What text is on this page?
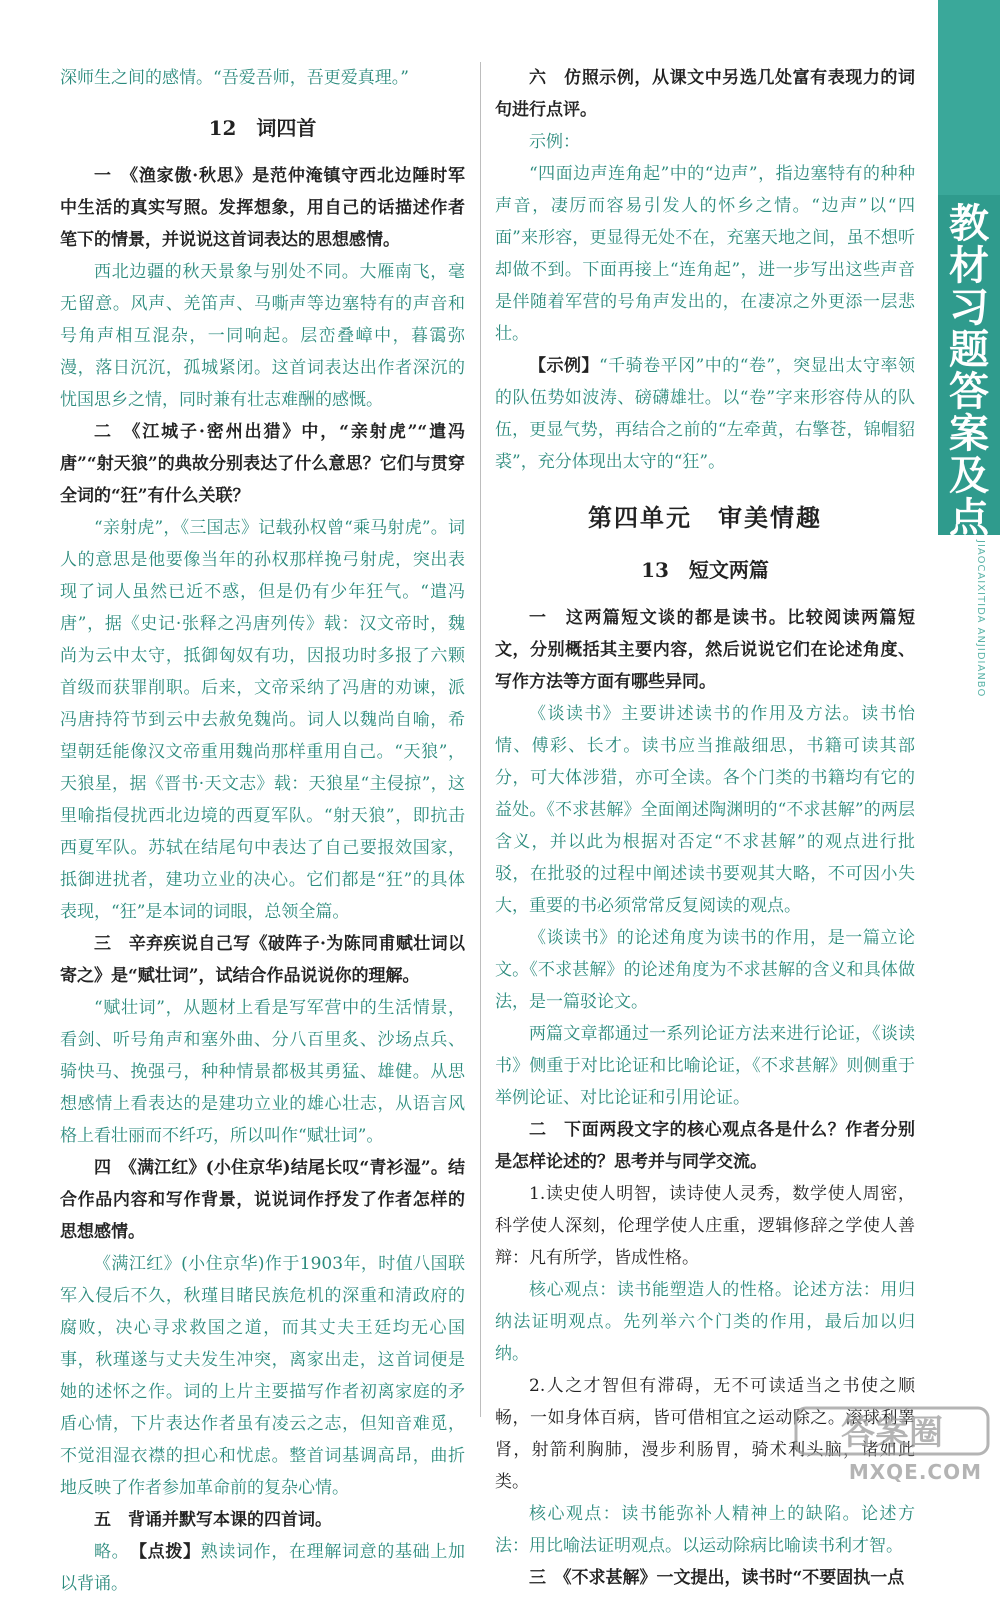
教材习题答案及点拨
JIAOCAIXITIDA ANJIDIANBO

深师生之间的感情。“吾爱吾师，吾更爱真理。”

12　词四首

一　《渔家傲·秋思》是范仲淹镇守西北边陲时军中生活的真实写照。发挥想象，用自己的话描述作者笔下的情景，并说说这首词表达的思想感情。

西北边疆的秋天景象与别处不同。大雁南飞，毫无留意。风声、羌笛声、马嘶声等边塞特有的声音和号角声相互混杂，一同响起。层峦叠嶂中，暮霭弥漫，落日沉沉，孤城紧闭。这首词表达出作者深沉的忧国思乡之情，同时兼有壮志难酬的感慨。

二　《江城子·密州出猎》中，“亲射虎”“遣冯唐”“射天狼”的典故分别表达了什么意思？它们与贯穿全词的“狂”有什么关联？

“亲射虎”，《三国志》记载孙权曾“乘马射虎”。词人的意思是他要像当年的孙权那样挽弓射虎，突出表现了词人虽然已近不惑，但是仍有少年狂气。“遣冯唐”，据《史记·张释之冯唐列传》载：汉文帝时，魏尚为云中太守，抵御匈奴有功，因报功时多报了六颗首级而获罪削职。后来，文帝采纳了冯唐的劝谏，派冯唐持符节到云中去赦免魏尚。词人以魏尚自喻，希望朝廷能像汉文帝重用魏尚那样重用自己。“天狼”，天狼星，据《晋书·天文志》载：天狼星“主侵掠”，这里喻指侵扰西北边境的西夏军队。“射天狼”，即抗击西夏军队。苏轼在结尾句中表达了自己要报效国家，抵御进扰者，建功立业的决心。它们都是“狂”的具体表现，“狂”是本词的词眼，总领全篇。

三　辛弃疾说自己写《破阵子·为陈同甫赋壮词以寄之》是“赋壮词”，试结合作品说说你的理解。

“赋壮词”，从题材上看是写军营中的生活情景，看剑、听号角声和塞外曲、分八百里炙、沙场点兵、骑快马、挽强弓，种种情景都极其勇猛、雄健。从思想感情上看表达的是建功立业的雄心壮志，从语言风格上看壮丽而不纤巧，所以叫作“赋壮词”。

四　《满江红》(小住京华)结尾长叹“青衫湿”。结合作品内容和写作背景，说说词作抒发了作者怎样的思想感情。

《满江红》(小住京华)作于1903年，时值八国联军入侵后不久，秋瑾目睹民族危机的深重和清政府的腐败，决心寻求救国之道，而其丈夫王廷均无心国事，秋瑾遂与丈夫发生冲突，离家出走，这首词便是她的述怀之作。词的上片主要描写作者初离家庭的矛盾心情，下片表达作者虽有凌云之志，但知音难觅，不觉泪湿衣襟的担心和忧虑。整首词基调高昂，曲折地反映了作者参加革命前的复杂心情。

五　背诵并默写本课的四首词。

略。　 【点拨】熟读词作，在理解词意的基础上加以背诵。

六　仿照示例，从课文中另选几处富有表现力的词句进行点评。

示例：

“四面边声连角起”中的“边声”，指边塞特有的种种声音，凄厉而容易引发人的怀乡之情。“边声”以“四面”来形容，更显得无处不在，充塞天地之间，虽不想听却做不到。下面再接上“连角起”，进一步写出这些声音是伴随着军营的号角声发出的，在凄凉之外更添一层悲壮。

【示例】“千骑卷平冈”中的“卷”，突显出太守率领的队伍势如波涛、磅礴雄壮。以“卷”字来形容侍从的队伍，更显气势，再结合之前的“左牵黄，右擎苍，锦帽貂裘”，充分体现出太守的“狂”。

第四单元　审美情趣
13　短文两篇

一　这两篇短文谈的都是读书。比较阅读两篇短文，分别概括其主要内容，然后说说它们在论述角度、写作方法等方面有哪些异同。

《谈读书》主要讲述读书的作用及方法。读书怡情、傅彩、长才。读书应当推敲细思，书籍可读其部分，可大体涉猎，亦可全读。各个门类的书籍均有它的益处。《不求甚解》全面阐述陶渊明的“不求甚解”的两层含义，并以此为根据对否定“不求甚解”的观点进行批驳，在批驳的过程中阐述读书要观其大略，不可因小失大，重要的书必须常常反复阅读的观点。

《谈读书》的论述角度为读书的作用，是一篇立论文。《不求甚解》的论述角度为不求甚解的含义和具体做法，是一篇驳论文。

两篇文章都通过一系列论证方法来进行论证，《谈读书》侧重于对比论证和比喻论证，《不求甚解》则侧重于举例论证、对比论证和引用论证。

二　下面两段文字的核心观点各是什么？作者分别是怎样论述的？思考并与同学交流。

1.读史使人明智，读诗使人灵秀，数学使人周密，科学使人深刻，伦理学使人庄重，逻辑修辞之学使人善辩：凡有所学，皆成性格。

核心观点：读书能塑造人的性格。论述方法：用归纳法证明观点。先列举六个门类的作用，最后加以归纳。

2.人之才智但有滞碍，无不可读适当之书使之顺畅，一如身体百病，皆可借相宜之运动除之。滚球利睾肾，射箭利胸肺，漫步利肠胃，骑术利头脑，诸如此类。

核心观点：读书能弥补人精神上的缺陷。论述方法：用比喻法证明观点。以运动除病比喻读书利才智。

三　《不求甚解》一文提出，读书时“不要固执一点

答案圈
MXQE.COM
